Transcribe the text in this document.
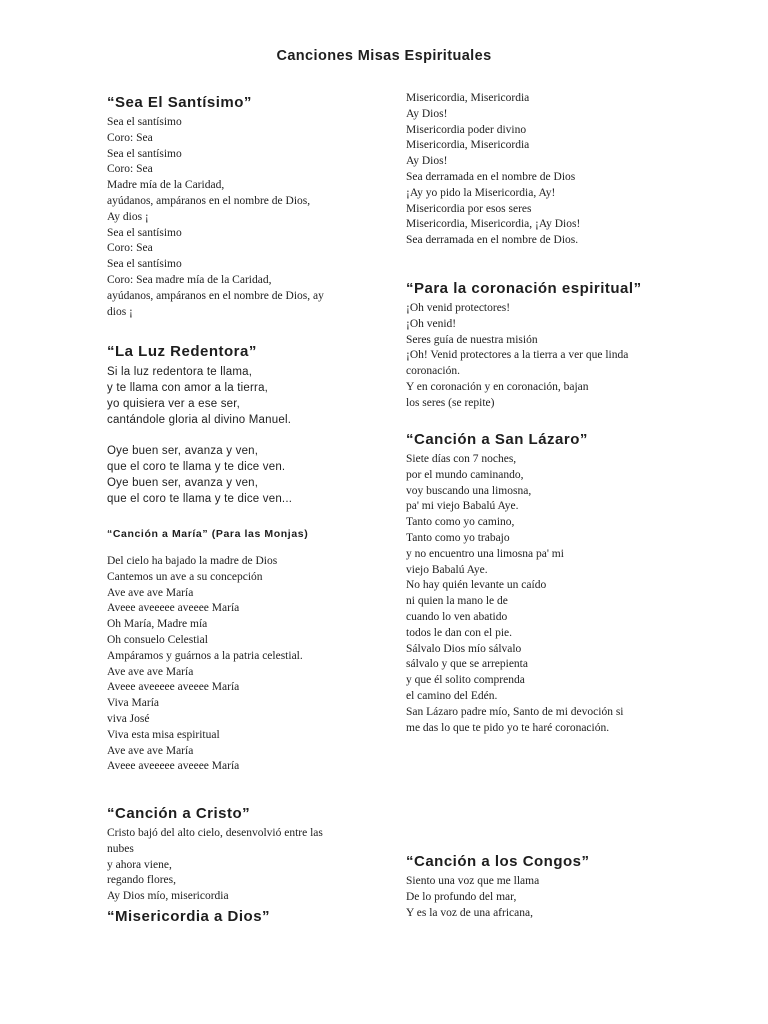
Canciones Misas Espirituales
“Sea El Santísimo”
Sea el santísimo
Coro: Sea
Sea el santísimo
Coro: Sea
Madre mía de la Caridad,
ayúdanos, ampáranos en el nombre de Dios,
Ay dios ¡
Sea el santísimo
Coro: Sea
Sea el santísimo
Coro: Sea madre mía de la Caridad,
ayúdanos, ampáranos en el nombre de Dios, ay
dios ¡
“La Luz Redentora”
Si la luz redentora te llama,
y te llama con amor a la tierra,
yo quisiera ver a ese ser,
cantándole gloria al divino Manuel.
Oye buen ser, avanza y ven,
que el coro te llama y te dice ven.
Oye buen ser, avanza y ven,
que el coro te llama y te dice ven...
“Canción a María” (Para las Monjas)
Del cielo ha bajado la madre de Dios
Cantemos un ave a su concepción
Ave ave ave María
Aveee aveeeee aveeee María
Oh María, Madre mía
Oh consuelo Celestial
Ampáramos y guárnos a la patria celestial.
Ave ave ave María
Aveee aveeeee aveeee María
Viva María
viva José
Viva esta misa espiritual
Ave ave ave María
Aveee aveeeee aveeee María
“Canción a Cristo”
Cristo bajó del alto cielo, desenvolvió entre las
nubes
y ahora viene,
regando flores,
Ay Dios mío, misericordia
“Misericordia a Dios”
Misericordia, Misericordia
Ay Dios!
Misericordia poder divino
Misericordia, Misericordia
Ay Dios!
Sea derramada en el nombre de Dios
¡Ay yo pido la Misericordia, Ay!
Misericordia por esos seres
Misericordia, Misericordia, ¡Ay Dios!
Sea derramada en el nombre de Dios.
“Para la coronación espiritual”
¡Oh venid protectores!
¡Oh venid!
Seres guía de nuestra misión
¡Oh! Venid protectores a la tierra a ver que linda
coronación.
Y en coronación y en coronación, bajan
los seres (se repite)
“Canción a San Lázaro”
Siete días con 7 noches,
por el mundo caminando,
voy buscando una limosna,
pa' mi viejo Babalú Aye.
Tanto como yo camino,
Tanto como yo trabajo
y no encuentro una limosna pa' mi
viejo Babalú Aye.
No hay quién levante un caído
ni quien la mano le de
cuando lo ven abatido
todos le dan con el pie.
Sálvalo Dios mío sálvalo
sálvalo y que se arrepienta
y que él solito comprenda
el camino del Edén.
San Lázaro padre mío, Santo de mi devoción si
me das lo que te pido yo te haré coronación.
“Canción a los Congos”
Siento una voz que me llama
De lo profundo del mar,
Y es la voz de una africana,
